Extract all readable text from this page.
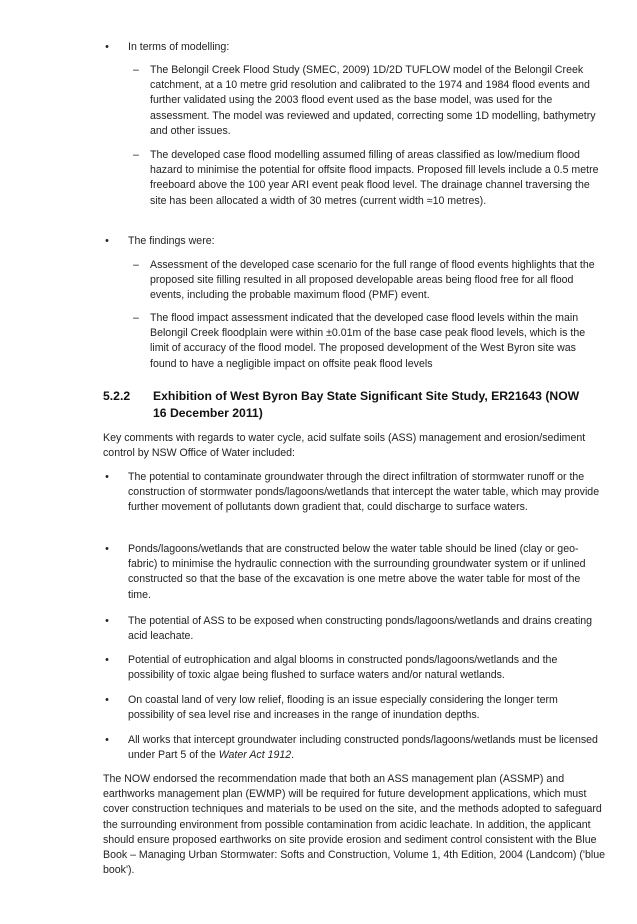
• In terms of modelling:
– The Belongil Creek Flood Study (SMEC, 2009) 1D/2D TUFLOW model of the Belongil Creek catchment, at a 10 metre grid resolution and calibrated to the 1974 and 1984 flood events and further validated using the 2003 flood event used as the base model, was used for the assessment. The model was reviewed and updated, correcting some 1D modelling, bathymetry and other issues.
– The developed case flood modelling assumed filling of areas classified as low/medium flood hazard to minimise the potential for offsite flood impacts. Proposed fill levels include a 0.5 metre freeboard above the 100 year ARI event peak flood level. The drainage channel traversing the site has been allocated a width of 30 metres (current width ≈10 metres).
• The findings were:
– Assessment of the developed case scenario for the full range of flood events highlights that the proposed site filling resulted in all proposed developable areas being flood free for all flood events, including the probable maximum flood (PMF) event.
– The flood impact assessment indicated that the developed case flood levels within the main Belongil Creek floodplain were within ±0.01m of the base case peak flood levels, which is the limit of accuracy of the flood model. The proposed development of the West Byron site was found to have a negligible impact on offsite peak flood levels
5.2.2 Exhibition of West Byron Bay State Significant Site Study, ER21643 (NOW 16 December 2011)
Key comments with regards to water cycle, acid sulfate soils (ASS) management and erosion/sediment control by NSW Office of Water included:
• The potential to contaminate groundwater through the direct infiltration of stormwater runoff or the construction of stormwater ponds/lagoons/wetlands that intercept the water table, which may provide further movement of pollutants down gradient that, could discharge to surface waters.
• Ponds/lagoons/wetlands that are constructed below the water table should be lined (clay or geo-fabric) to minimise the hydraulic connection with the surrounding groundwater system or if unlined constructed so that the base of the excavation is one metre above the water table for most of the time.
• The potential of ASS to be exposed when constructing ponds/lagoons/wetlands and drains creating acid leachate.
• Potential of eutrophication and algal blooms in constructed ponds/lagoons/wetlands and the possibility of toxic algae being flushed to surface waters and/or natural wetlands.
• On coastal land of very low relief, flooding is an issue especially considering the longer term possibility of sea level rise and increases in the range of inundation depths.
• All works that intercept groundwater including constructed ponds/lagoons/wetlands must be licensed under Part 5 of the Water Act 1912.
The NOW endorsed the recommendation made that both an ASS management plan (ASSMP) and earthworks management plan (EWMP) will be required for future development applications, which must cover construction techniques and materials to be used on the site, and the methods adopted to safeguard the surrounding environment from possible contamination from acidic leachate. In addition, the applicant should ensure proposed earthworks on site provide erosion and sediment control consistent with the Blue Book – Managing Urban Stormwater: Softs and Construction, Volume 1, 4th Edition, 2004 (Landcom) ('blue book').
